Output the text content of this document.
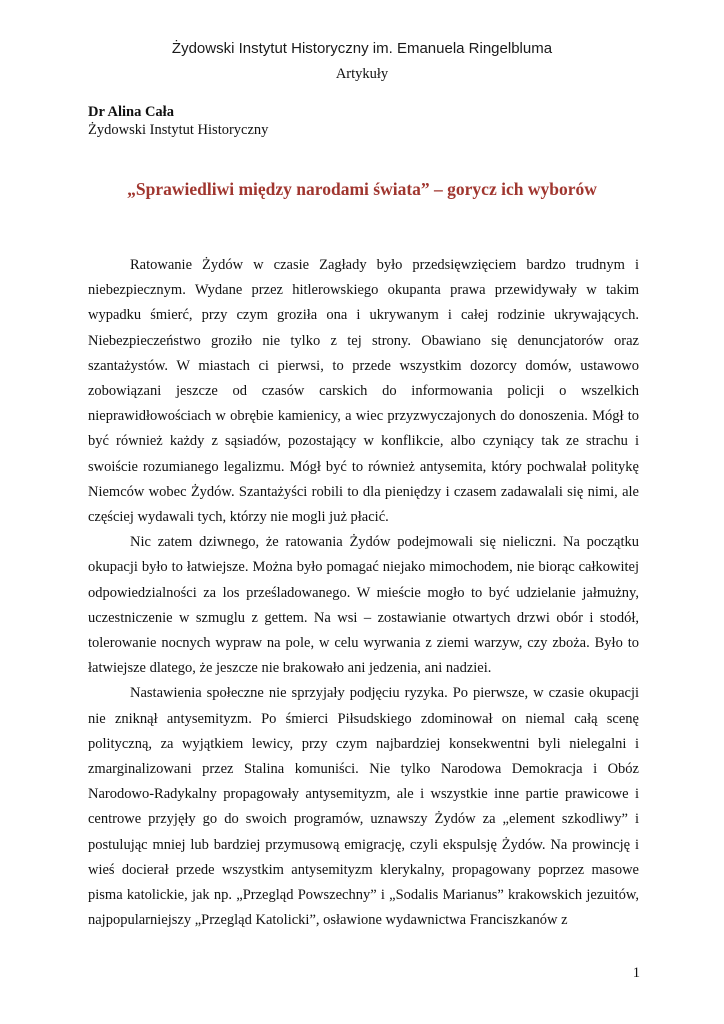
Żydowski Instytut Historyczny im. Emanuela Ringelbluma
Artykuły
Dr Alina Cała
Żydowski Instytut Historyczny
„Sprawiedliwi między narodami świata” – gorycz ich wyborów

Ratowanie Żydów w czasie Zagłady było przedsięwzięciem bardzo trudnym i niebezpiecznym. Wydane przez hitlerowskiego okupanta prawa przewidywały w takim wypadku śmierć, przy czym groziła ona i ukrywanym i całej rodzinie ukrywających. Niebezpieczeństwo groziło nie tylko z tej strony. Obawiano się denuncjatorów oraz szantażystów. W miastach ci pierwsi, to przede wszystkim dozorcy domów, ustawowo zobowiązani jeszcze od czasów carskich do informowania policji o wszelkich nieprawidłowościach w obrębie kamienicy, a wiec przyzwyczajonych do donoszenia. Mógł to być również każdy z sąsiadów, pozostający w konflikcie, albo czyniący tak ze strachu i swoiście rozumianego legalizmu. Mógł być to również antysemita, który pochwalał politykę Niemców wobec Żydów. Szantażyści robili to dla pieniędzy i czasem zadawalali się nimi, ale częściej wydawali tych, którzy nie mogli już płacić.

Nic zatem dziwnego, że ratowania Żydów podejmowali się nieliczni. Na początku okupacji było to łatwiejsze. Można było pomagać niejako mimochodem, nie biorąc całkowitej odpowiedzialności za los prześladowanego. W mieście mogło to być udzielanie jałmużny, uczestniczenie w szmuglu z gettem. Na wsi – zostawianie otwartych drzwi obór i stodół, tolerowanie nocnych wypraw na pole, w celu wyrwania z ziemi warzyw, czy zboża. Było to łatwiejsze dlatego, że jeszcze nie brakowało ani jedzenia, ani nadziei.

Nastawienia społeczne nie sprzyjały podjęciu ryzyka. Po pierwsze, w czasie okupacji nie zniknął antysemityzm. Po śmierci Piłsudskiego zdominował on niemal całą scenę polityczną, za wyjątkiem lewicy, przy czym najbardziej konsekwentni byli nielegalni i zmarginalizowani przez Stalina komuniści. Nie tylko Narodowa Demokracja i Obóz Narodowo-Radykalny propagowały antysemityzm, ale i wszystkie inne partie prawicowe i centrowe przyjęły go do swoich programów, uznawszy Żydów za „element szkodliwy” i postulując mniej lub bardziej przymusową emigrację, czyli ekspulsję Żydów. Na prowincję i wieś docierał przede wszystkim antysemityzm klerykalny, propagowany poprzez masowe pisma katolickie, jak np. „Przegląd Powszechny” i „Sodalis Marianus” krakowskich jezuitów, najpopularniejszy „Przegląd Katolicki”, osławione wydawnictwa Franciszkanów z

1
